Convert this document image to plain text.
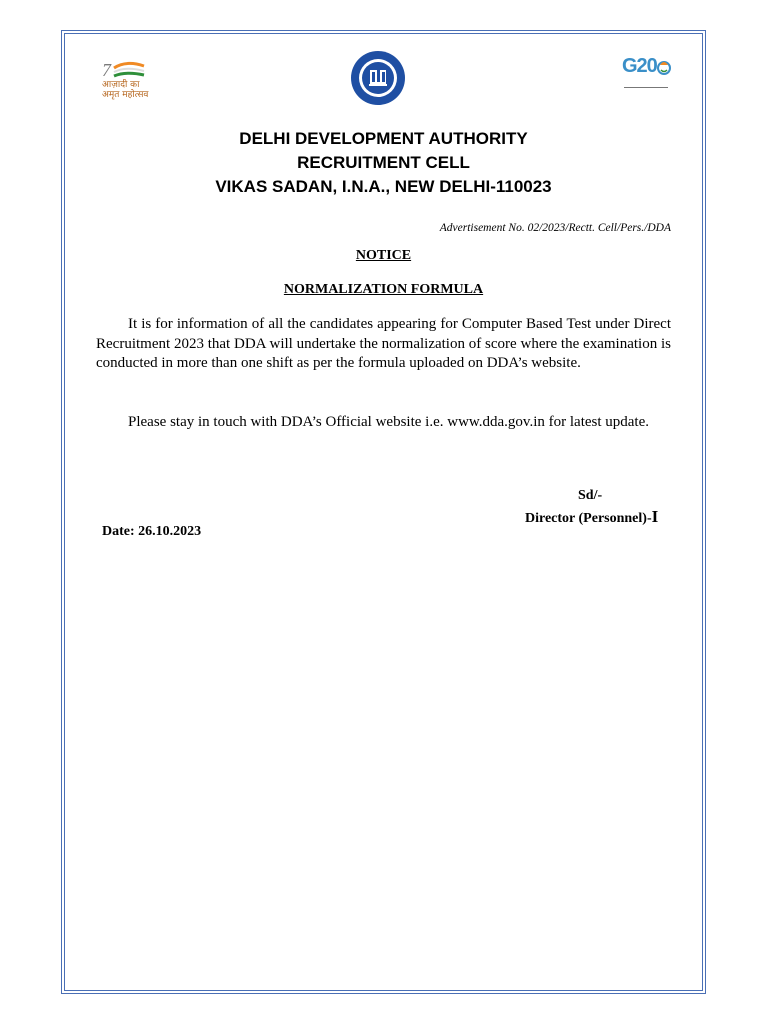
7
आज़ादी का
अमृत महोत्सव
G20
DELHI DEVELOPMENT AUTHORITY
RECRUITMENT CELL
VIKAS SADAN, I.N.A., NEW DELHI-110023
Advertisement No. 02/2023/Rectt. Cell/Pers./DDA
NOTICE
NORMALIZATION FORMULA
It is for information of all the candidates appearing for Computer Based Test under Direct Recruitment 2023 that DDA will undertake the normalization of score where the examination is conducted in more than one shift as per the formula uploaded on DDA’s website.
Please stay in touch with DDA’s Official website i.e. www.dda.gov.in for latest update.
Sd/-
Director (Personnel)-I
Date: 26.10.2023
